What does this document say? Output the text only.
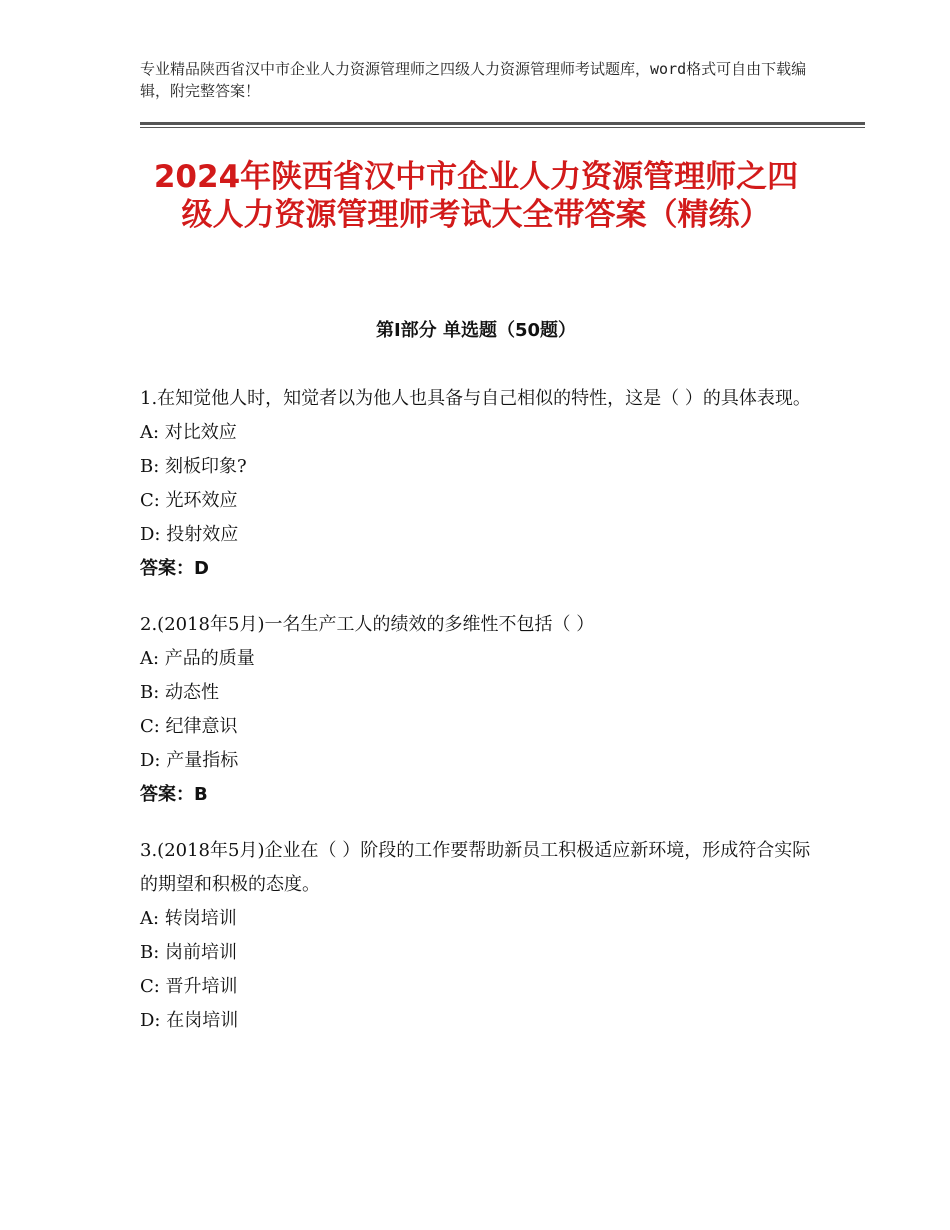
专业精品陕西省汉中市企业人力资源管理师之四级人力资源管理师考试题库，word格式可自由下载编辑，附完整答案！
2024年陕西省汉中市企业人力资源管理师之四级人力资源管理师考试大全带答案（精练）
第Ⅰ部分 单选题（50题）

1.在知觉他人时，知觉者以为他人也具备与自己相似的特性，这是（ ）的具体表现。

A: 对比效应

B: 刻板印象?

C: 光环效应

D: 投射效应

答案：D

2.(2018年5月)一名生产工人的绩效的多维性不包括（ ）

A: 产品的质量

B: 动态性

C: 纪律意识

D: 产量指标

答案：B

3.(2018年5月)企业在（ ）阶段的工作要帮助新员工积极适应新环境，形成符合实际的期望和积极的态度。

A: 转岗培训

B: 岗前培训

C: 晋升培训

D: 在岗培训
